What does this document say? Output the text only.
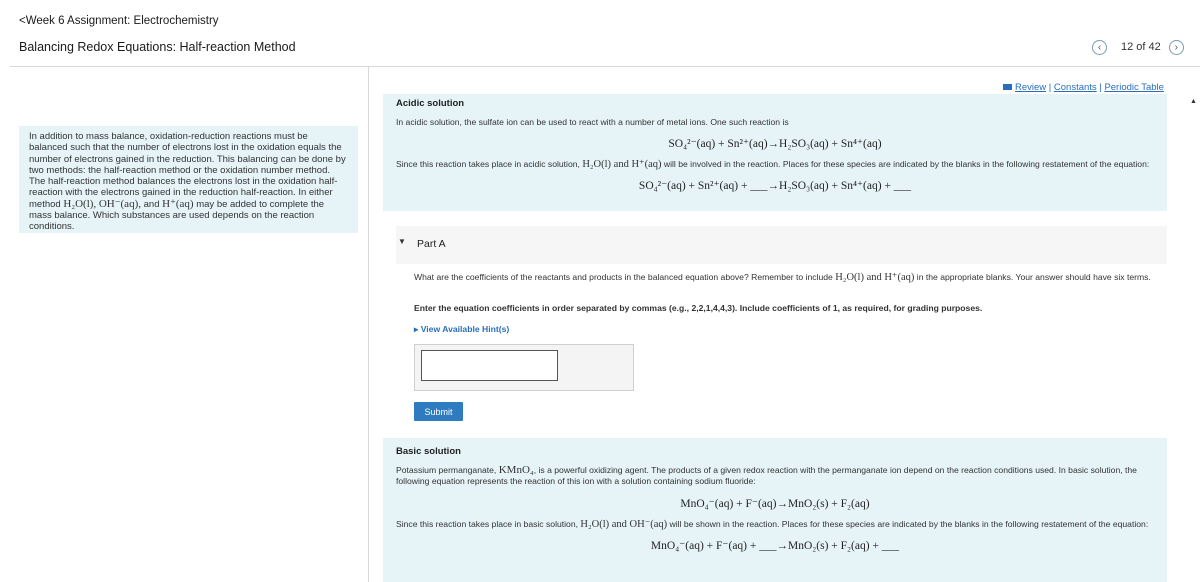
<Week 6 Assignment: Electrochemistry
Balancing Redox Equations: Half-reaction Method	‹	12 of 42	›
In addition to mass balance, oxidation-reduction reactions must be balanced such that the number of electrons lost in the oxidation equals the number of electrons gained in the reduction. This balancing can be done by two methods: the half-reaction method or the oxidation number method. The half-reaction method balances the electrons lost in the oxidation half-reaction with the electrons gained in the reduction half-reaction. In either method H₂O(l), OH⁻(aq), and H⁺(aq) may be added to complete the mass balance. Which substances are used depends on the reaction conditions.
Review | Constants | Periodic Table
▲
Acidic solution
In acidic solution, the sulfate ion can be used to react with a number of metal ions. One such reaction is
SO₄²⁻(aq) + Sn²⁺(aq)→H₂SO₃(aq) + Sn⁴⁺(aq)
Since this reaction takes place in acidic solution, H₂O(l) and H⁺(aq) will be involved in the reaction. Places for these species are indicated by the blanks in the following restatement of the equation:
SO₄²⁻(aq) + Sn²⁺(aq) + ___→H₂SO₃(aq) + Sn⁴⁺(aq) + ___
▼ Part A
What are the coefficients of the reactants and products in the balanced equation above? Remember to include H₂O(l) and H⁺(aq) in the appropriate blanks. Your answer should have six terms.
Enter the equation coefficients in order separated by commas (e.g., 2,2,1,4,4,3). Include coefficients of 1, as required, for grading purposes.
▸ View Available Hint(s)
Submit
Basic solution
Potassium permanganate, KMnO₄, is a powerful oxidizing agent. The products of a given redox reaction with the permanganate ion depend on the reaction conditions used. In basic solution, the following equation represents the reaction of this ion with a solution containing sodium fluoride:
MnO₄⁻(aq) + F⁻(aq)→MnO₂(s) + F₂(aq)
Since this reaction takes place in basic solution, H₂O(l) and OH⁻(aq) will be shown in the reaction. Places for these species are indicated by the blanks in the following restatement of the equation:
MnO₄⁻(aq) + F⁻(aq) + ___→MnO₂(s) + F₂(aq) + ___
